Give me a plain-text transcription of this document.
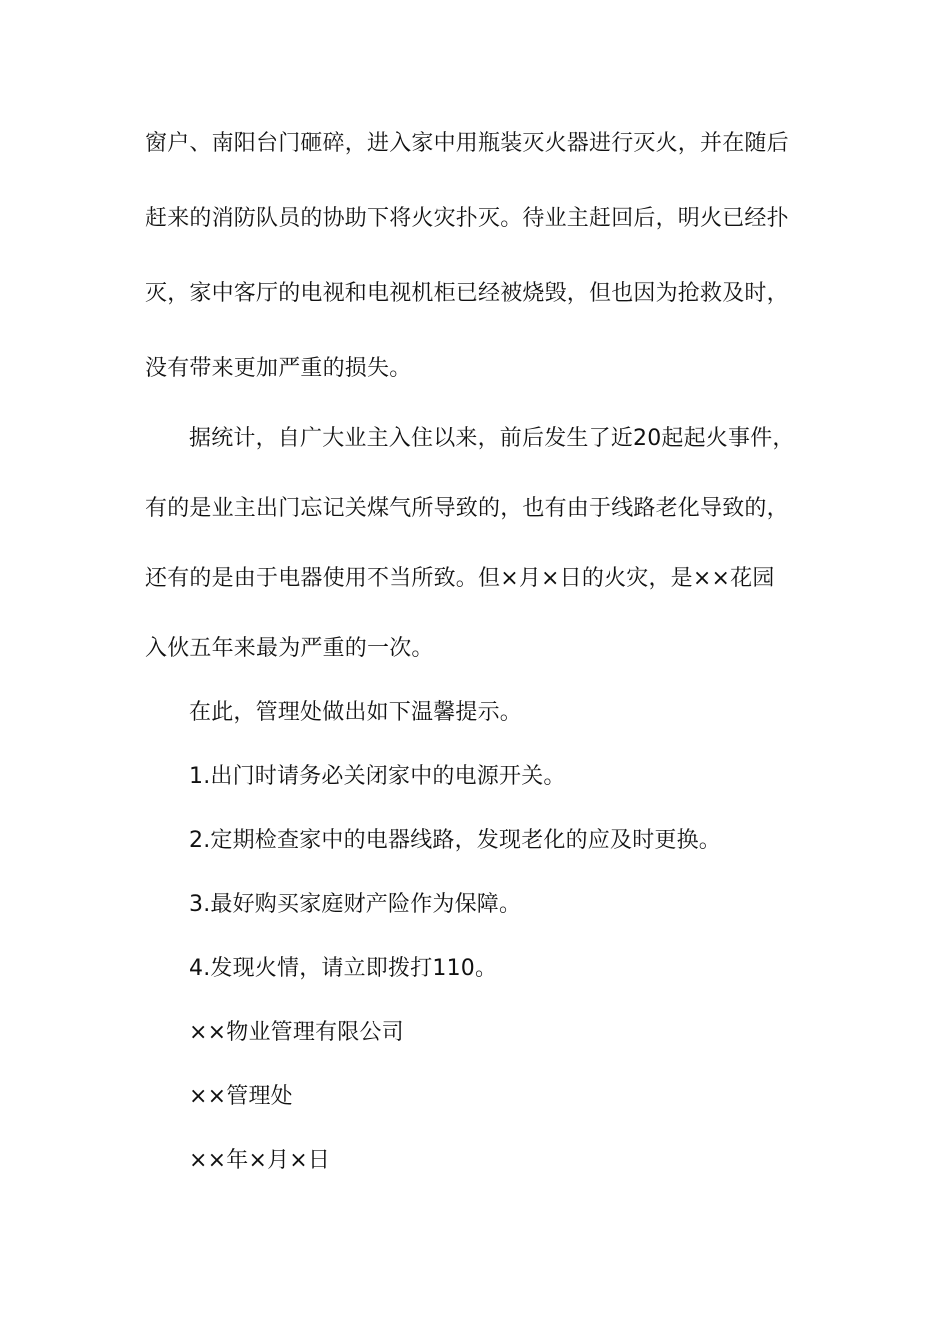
窗户、南阳台门砸碎，进入家中用瓶装灭火器进行灭火，并在随后
赶来的消防队员的协助下将火灾扑灭。待业主赶回后，明火已经扑
灭，家中客厅的电视和电视机柜已经被烧毁，但也因为抢救及时，
没有带来更加严重的损失。
据统计，自广大业主入住以来，前后发生了近20起起火事件，
有的是业主出门忘记关煤气所导致的，也有由于线路老化导致的，
还有的是由于电器使用不当所致。但×月×日的火灾，是××花园
入伙五年来最为严重的一次。
在此，管理处做出如下温馨提示。
1.出门时请务必关闭家中的电源开关。
2.定期检查家中的电器线路，发现老化的应及时更换。
3.最好购买家庭财产险作为保障。
4.发现火情，请立即拨打110。
××物业管理有限公司
××管理处
××年×月×日
